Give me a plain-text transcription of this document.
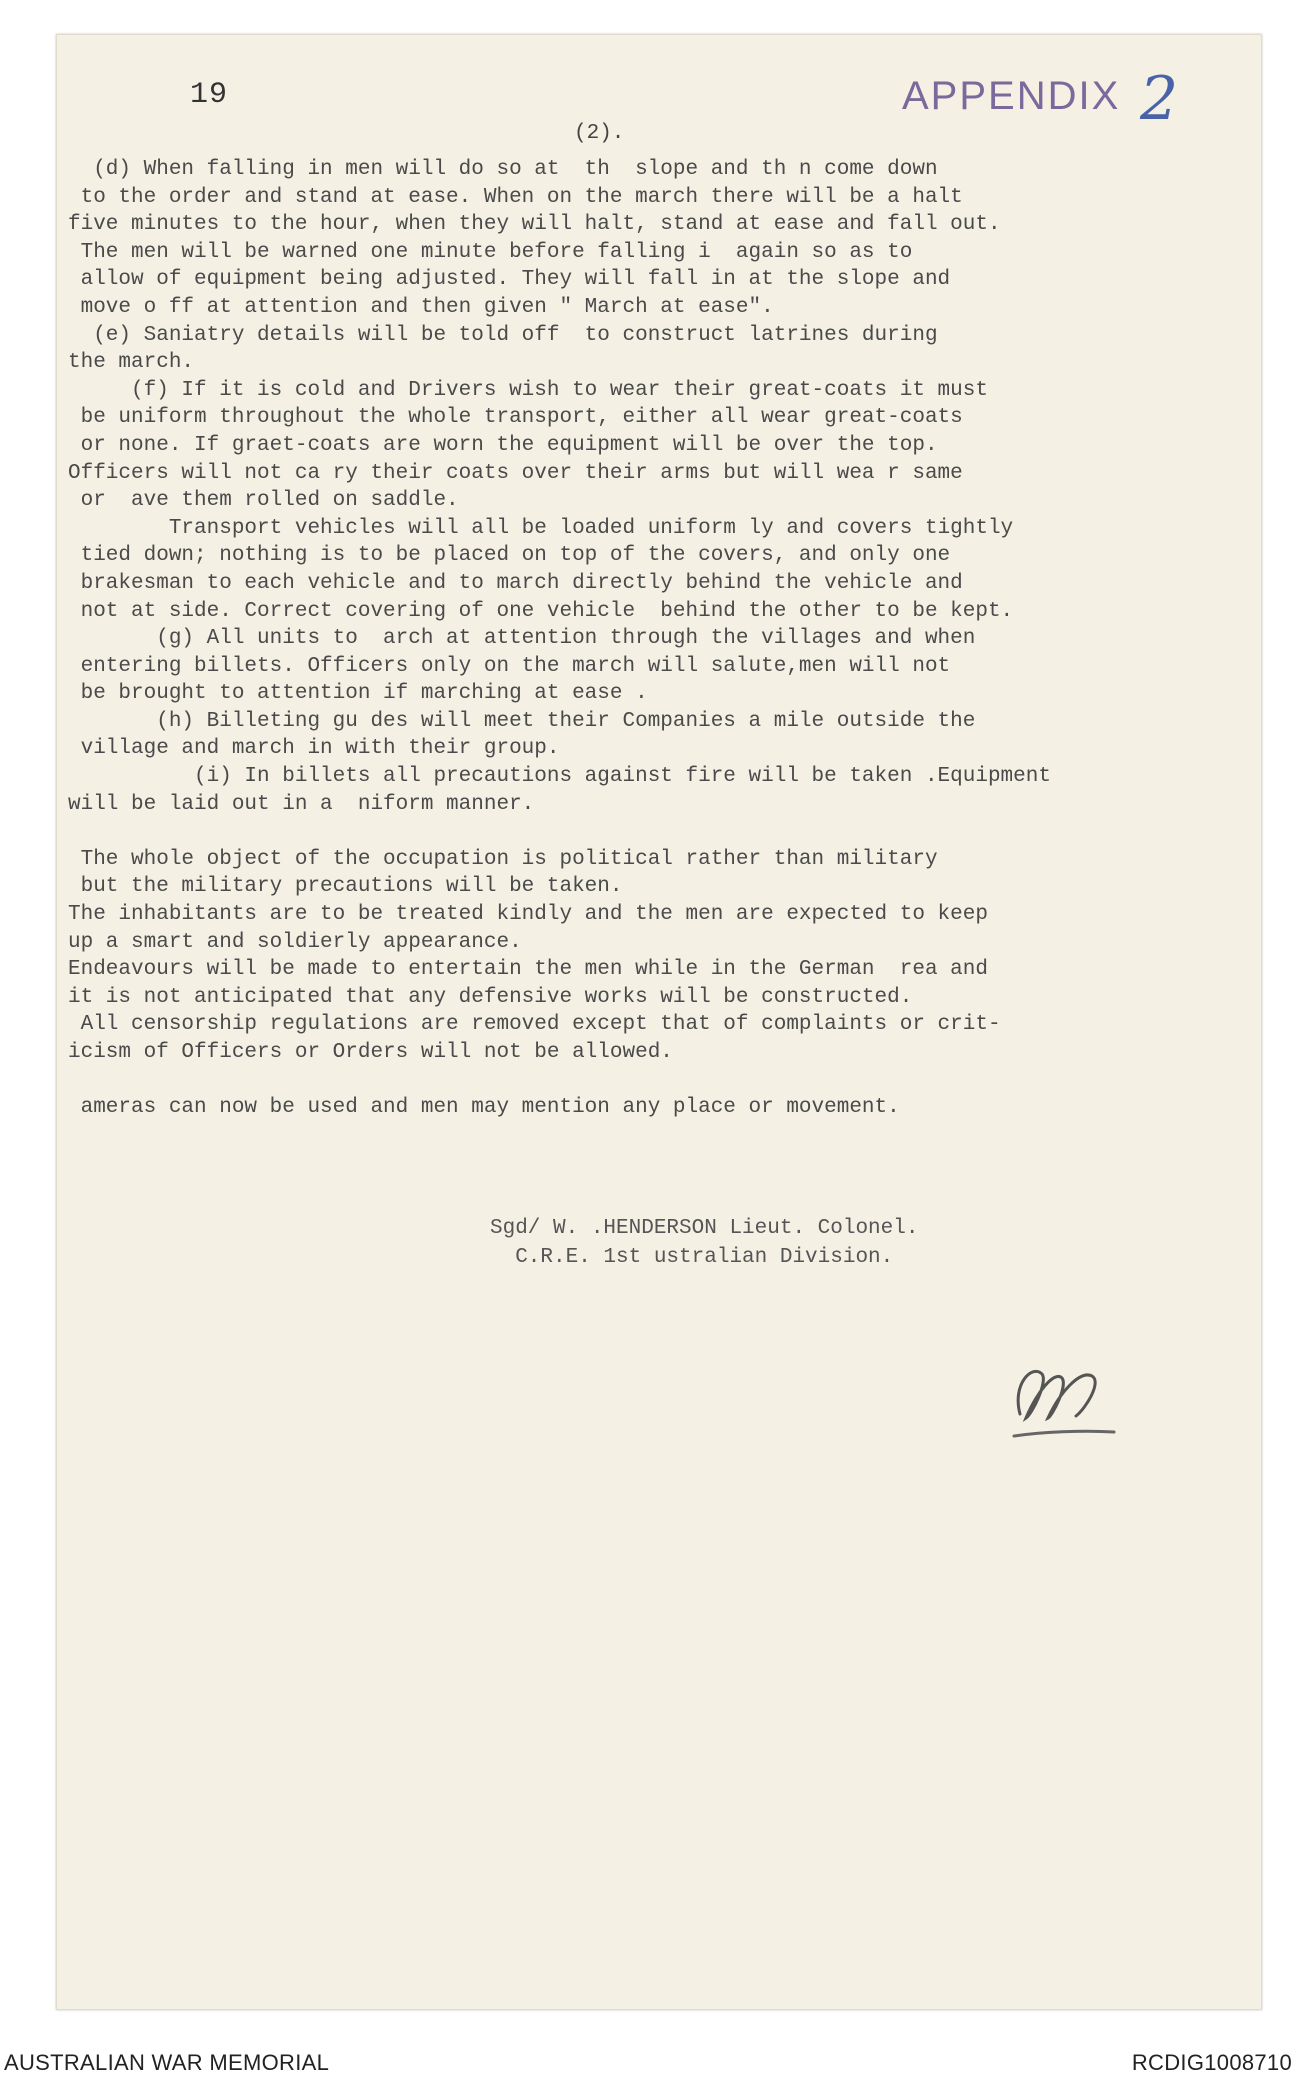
19	APPENDIX 2
(2).
(d) When falling in men will do so at  th  slope and th n come down
to the order and stand at ease. When on the march there will be a halt
five minutes to the hour, when they will halt, stand at ease and fall out.
The men will be warned one minute before falling i  again so as to
allow of equipment being adjusted. They will fall in at the slope and
move o ff at attention and then given " March at ease".
(e) Saniatry details will be told off  to construct latrines during
the march.
(f) If it is cold and Drivers wish to wear their great-coats it must
be uniform throughout the whole transport, either all wear great-coats
or none. If graet-coats are worn the equipment will be over the top.
Officers will not ca ry their coats over their arms but will wea r same
or  ave them rolled on saddle.
Transport vehicles will all be loaded uniform ly and covers tightly
tied down; nothing is to be placed on top of the covers, and only one
brakesman to each vehicle and to march directly behind the vehicle and
not at side. Correct covering of one vehicle  behind the other to be kept.
(g) All units to  arch at attention through the villages and when
entering billets. Officers only on the march will salute,men will not
be brought to attention if marching at ease .
(h) Billeting gu des will meet their Companies a mile outside the
village and march in with their group.
(i) In billets all precautions against fire will be taken .Equipment
will be laid out in a  niform manner.

The whole object of the occupation is political rather than military
but the military precautions will be taken.
The inhabitants are to be treated kindly and the men are expected to keep
up a smart and soldierly appearance.
Endeavours will be made to entertain the men while in the German  rea and
it is not anticipated that any defensive works will be constructed.
All censorship regulations are removed except that of complaints or crit-
icism of Officers or Orders will not be allowed.

ameras can now be used and men may mention any place or movement.
Sgd/ W. .HENDERSON Lieut. Colonel.
C.R.E. 1st ustralian Division.
AUSTRALIAN WAR MEMORIAL	RCDIG1008710
